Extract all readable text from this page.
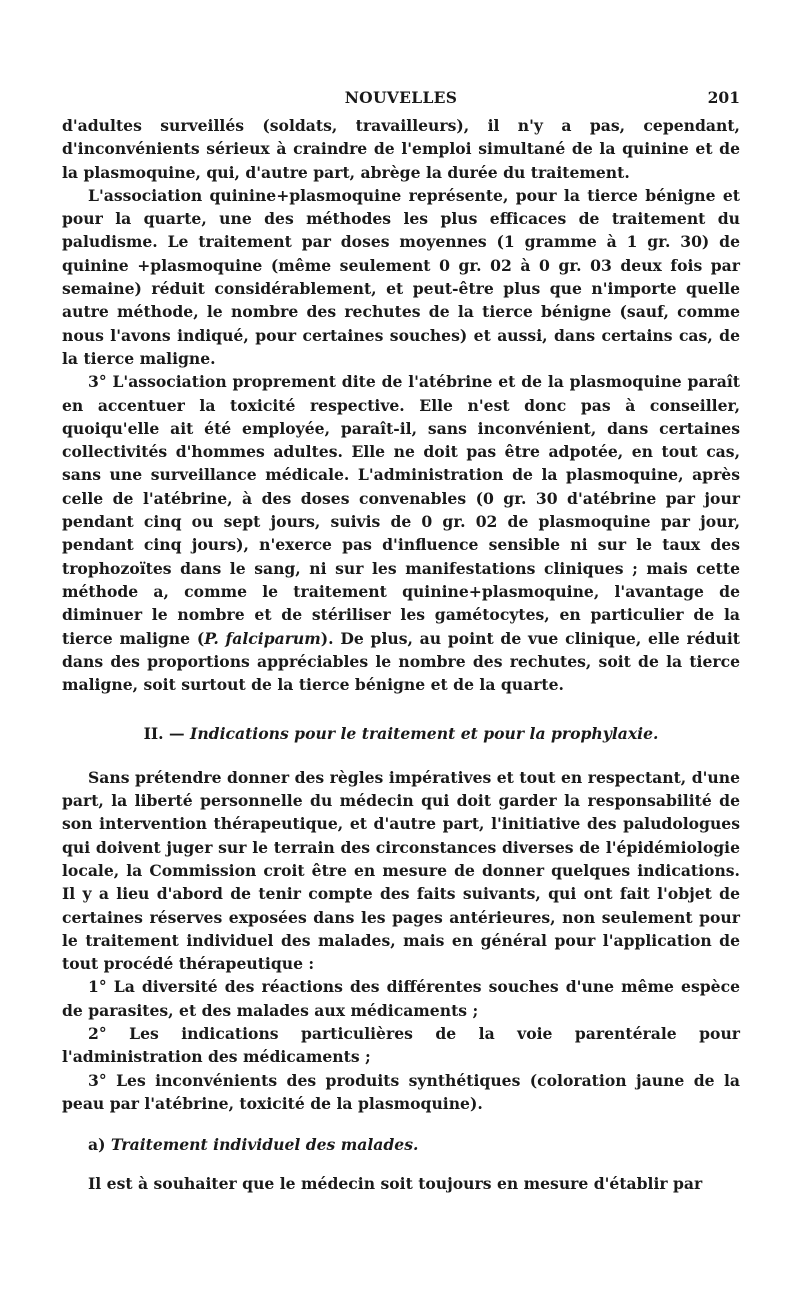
NOUVELLES	201

d'adultes surveillés (soldats, travailleurs), il n'y a pas, cependant, d'inconvénients sérieux à craindre de l'emploi simultané de la quinine et de la plasmoquine, qui, d'autre part, abrège la durée du traitement.

L'association quinine+plasmoquine représente, pour la tierce bénigne et pour la quarte, une des méthodes les plus efficaces de traitement du paludisme. Le traitement par doses moyennes (1 gramme à 1 gr. 30) de quinine +plasmoquine (même seulement 0 gr. 02 à 0 gr. 03 deux fois par semaine) réduit considérablement, et peut-être plus que n'importe quelle autre méthode, le nombre des rechutes de la tierce bénigne (sauf, comme nous l'avons indiqué, pour certaines souches) et aussi, dans certains cas, de la tierce maligne.

3° L'association proprement dite de l'atébrine et de la plasmoquine paraît en accentuer la toxicité respective. Elle n'est donc pas à conseiller, quoiqu'elle ait été employée, paraît-il, sans inconvénient, dans certaines collectivités d'hommes adultes. Elle ne doit pas être adpotée, en tout cas, sans une surveillance médicale. L'administration de la plasmoquine, après celle de l'atébrine, à des doses convenables (0 gr. 30 d'atébrine par jour pendant cinq ou sept jours, suivis de 0 gr. 02 de plasmoquine par jour, pendant cinq jours), n'exerce pas d'influence sensible ni sur le taux des trophozoïtes dans le sang, ni sur les manifestations cliniques ; mais cette méthode a, comme le traitement quinine+plasmoquine, l'avantage de diminuer le nombre et de stériliser les gamétocytes, en particulier de la tierce maligne (P. falciparum). De plus, au point de vue clinique, elle réduit dans des proportions appréciables le nombre des rechutes, soit de la tierce maligne, soit surtout de la tierce bénigne et de la quarte.

II. — Indications pour le traitement et pour la prophylaxie.

Sans prétendre donner des règles impératives et tout en respectant, d'une part, la liberté personnelle du médecin qui doit garder la responsabilité de son intervention thérapeutique, et d'autre part, l'initiative des paludologues qui doivent juger sur le terrain des circonstances diverses de l'épidémiologie locale, la Commission croit être en mesure de donner quelques indications. Il y a lieu d'abord de tenir compte des faits suivants, qui ont fait l'objet de certaines réserves exposées dans les pages antérieures, non seulement pour le traitement individuel des malades, mais en général pour l'application de tout procédé thérapeutique :

1° La diversité des réactions des différentes souches d'une même espèce de parasites, et des malades aux médicaments ;

2° Les indications particulières de la voie parentérale pour l'administration des médicaments ;

3° Les inconvénients des produits synthétiques (coloration jaune de la peau par l'atébrine, toxicité de la plasmoquine).

a) Traitement individuel des malades.

Il est à souhaiter que le médecin soit toujours en mesure d'établir par
